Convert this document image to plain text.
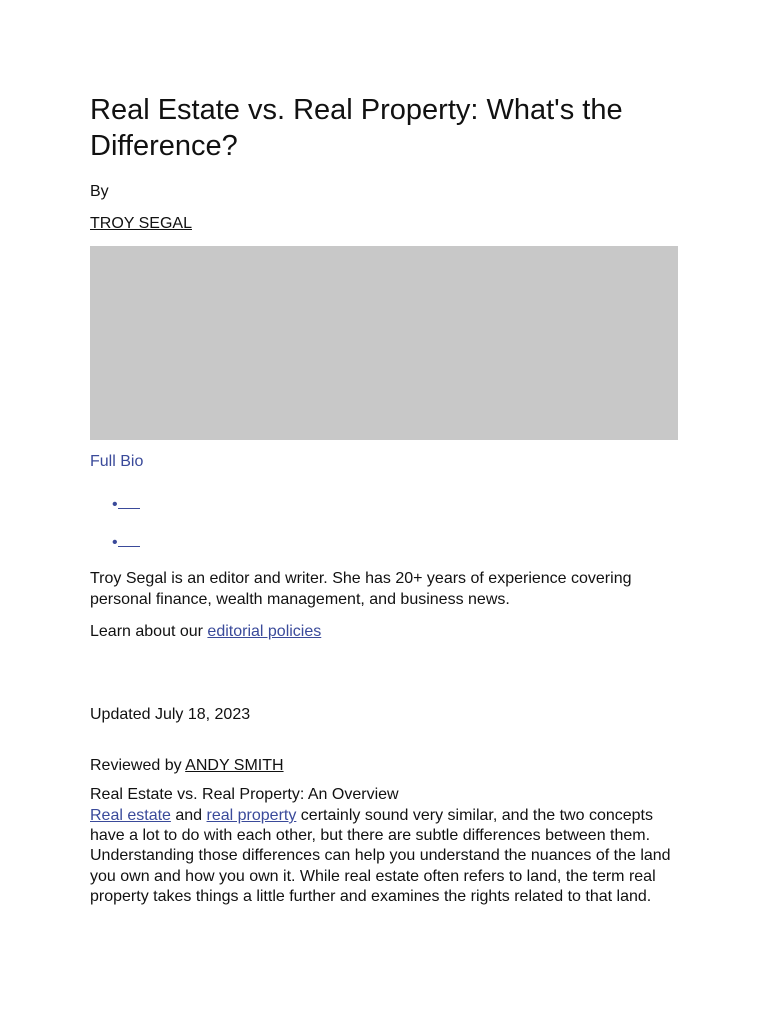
Real Estate vs. Real Property: What's the Difference?
By
TROY SEGAL
Full Bio
•
•

Troy Segal is an editor and writer. She has 20+ years of experience covering personal finance, wealth management, and business news.

Learn about our editorial policies
Updated July 18, 2023
Reviewed by ANDY SMITH
Real Estate vs. Real Property: An Overview

Real estate and real property certainly sound very similar, and the two concepts have a lot to do with each other, but there are subtle differences between them. Understanding those differences can help you understand the nuances of the land you own and how you own it. While real estate often refers to land, the term real property takes things a little further and examines the rights related to that land.
